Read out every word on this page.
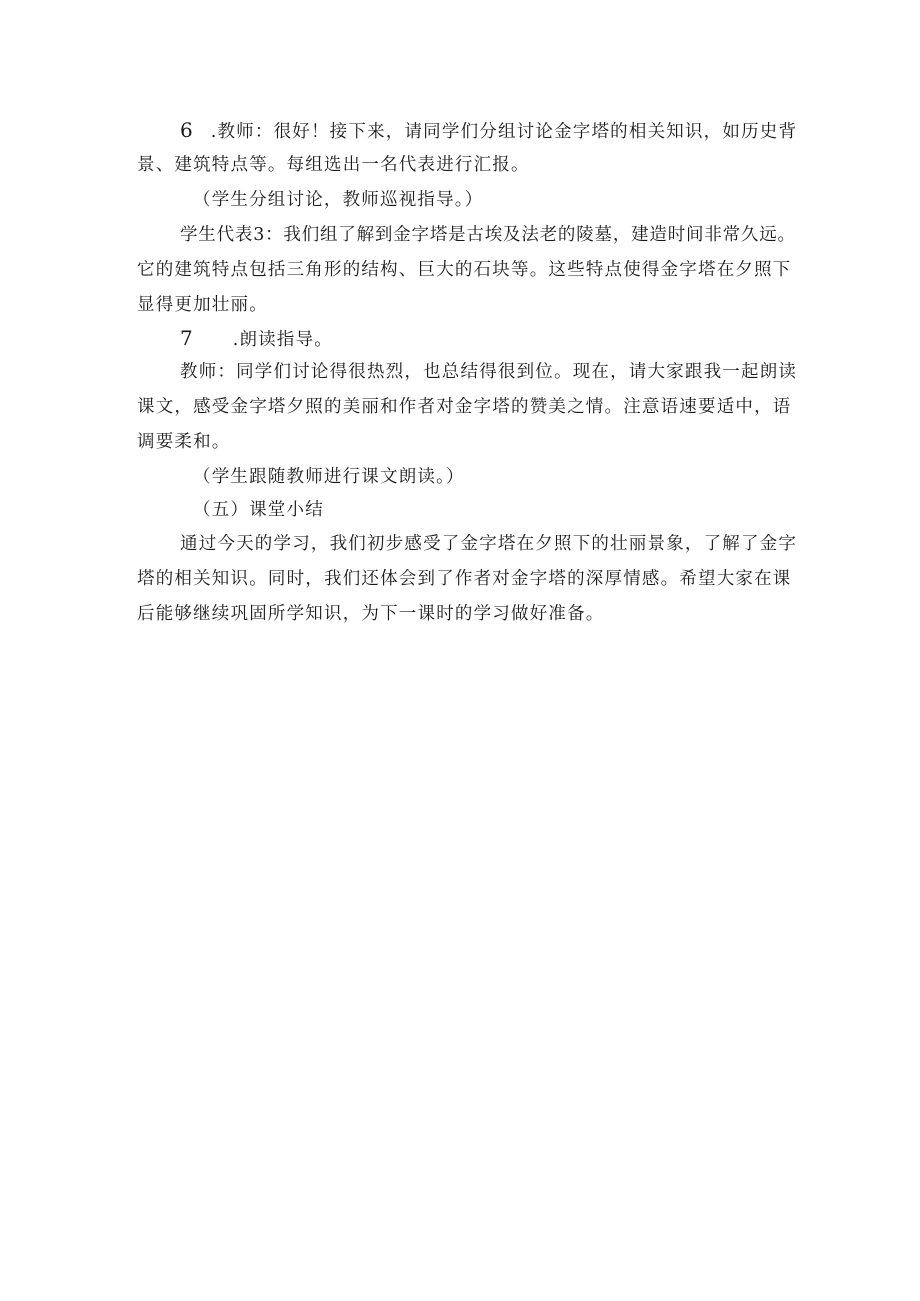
6 .教师：很好！接下来，请同学们分组讨论金字塔的相关知识，如历史背
景、建筑特点等。每组选出一名代表进行汇报。
（学生分组讨论，教师巡视指导。）
学生代表3：我们组了解到金字塔是古埃及法老的陵墓，建造时间非常久远。
它的建筑特点包括三角形的结构、巨大的石块等。这些特点使得金字塔在夕照下
显得更加壮丽。
7 .朗读指导。
教师：同学们讨论得很热烈，也总结得很到位。现在，请大家跟我一起朗读
课文，感受金字塔夕照的美丽和作者对金字塔的赞美之情。注意语速要适中，语
调要柔和。
（学生跟随教师进行课文朗读。）
（五）课堂小结
通过今天的学习，我们初步感受了金字塔在夕照下的壮丽景象，了解了金字
塔的相关知识。同时，我们还体会到了作者对金字塔的深厚情感。希望大家在课
后能够继续巩固所学知识，为下一课时的学习做好准备。
